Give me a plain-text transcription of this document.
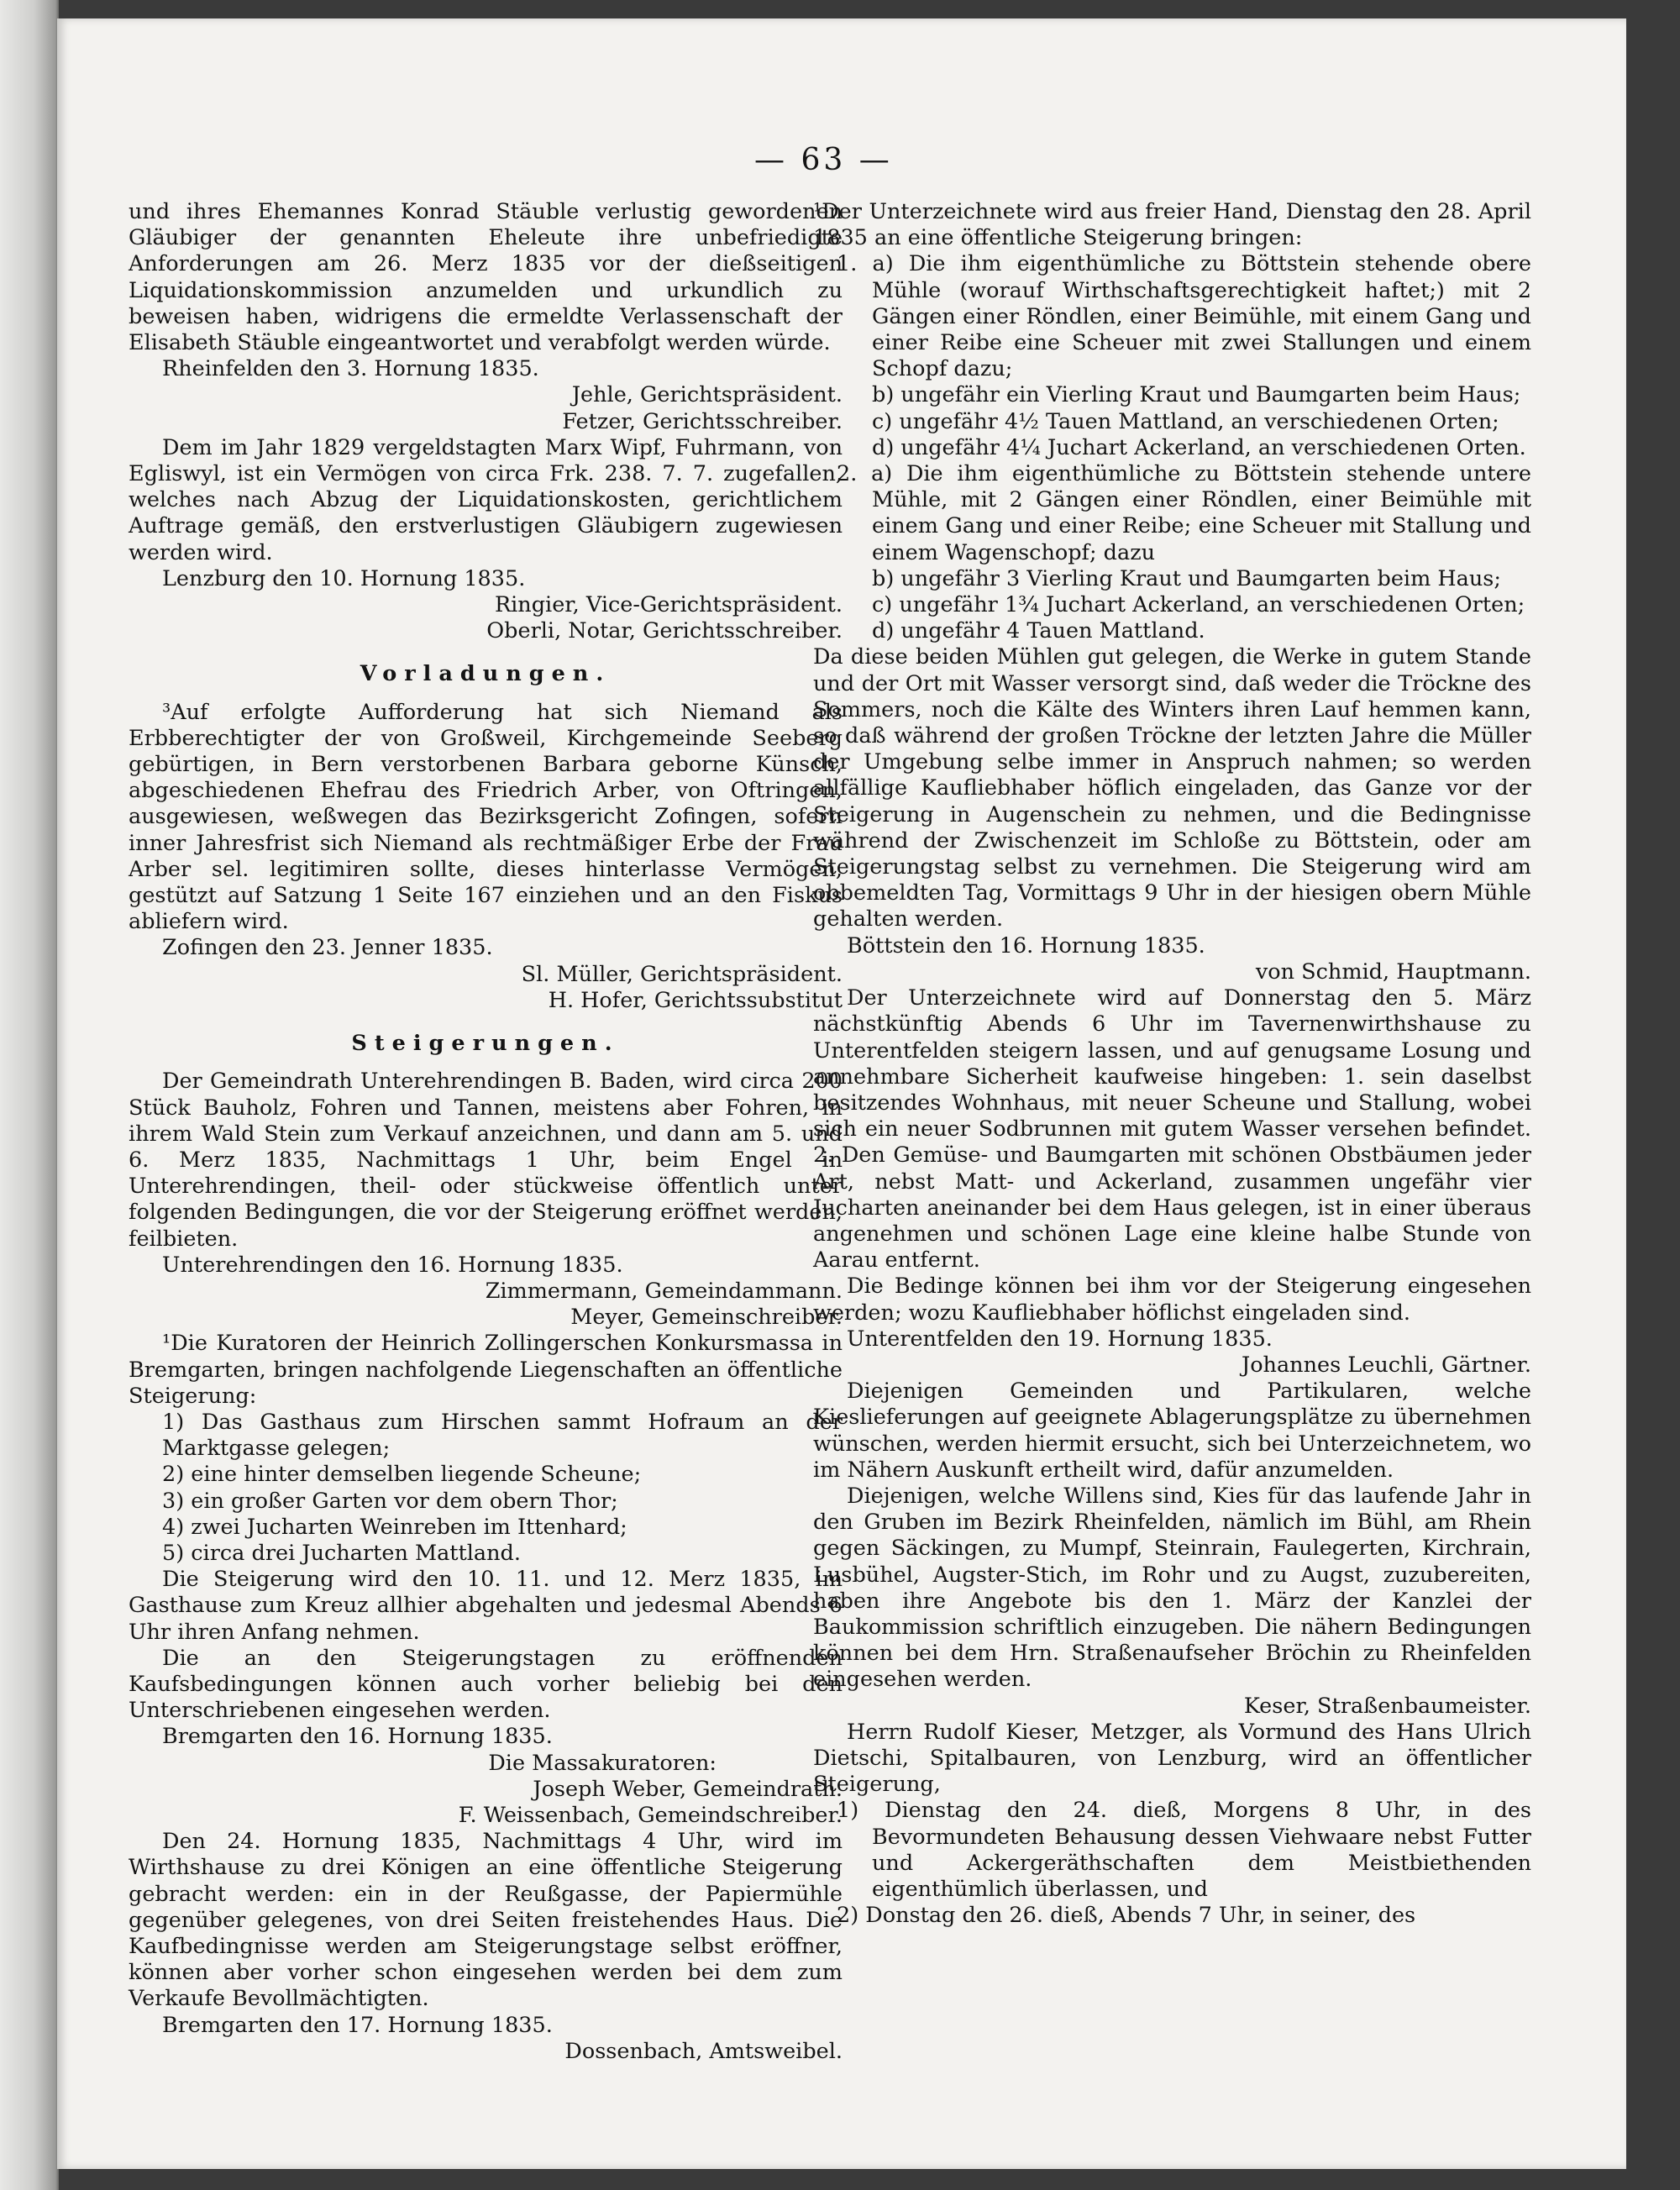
— 63 —

und ihres Ehemannes Konrad Stäuble verlustig gewordenen Gläubiger der genannten Eheleute ihre unbefriedigte Anforderungen am 26. Merz 1835 vor der dießseitigen Liquidationskommission anzumelden und urkundlich zu beweisen haben, widrigens die ermeldte Verlassenschaft der Elisabeth Stäuble eingeantwortet und verabfolgt werden würde.

Rheinfelden den 3. Hornung 1835.

Jehle, Gerichtspräsident.

Fetzer, Gerichtsschreiber.

Dem im Jahr 1829 vergeldstagten Marx Wipf, Fuhrmann, von Egliswyl, ist ein Vermögen von circa Frk. 238. 7. 7. zugefallen, welches nach Abzug der Liquidationskosten, gerichtlichem Auftrage gemäß, den erstverlustigen Gläubigern zugewiesen werden wird.

Lenzburg den 10. Hornung 1835.

Ringier, Vice-Gerichtspräsident.

Oberli, Notar, Gerichtsschreiber.

Vorladungen.

³Auf erfolgte Aufforderung hat sich Niemand als Erbberechtigter der von Großweil, Kirchgemeinde Seeberg gebürtigen, in Bern verstorbenen Barbara geborne Künsch, abgeschiedenen Ehefrau des Friedrich Arber, von Oftringen, ausgewiesen, weßwegen das Bezirksgericht Zofingen, sofern inner Jahresfrist sich Niemand als rechtmäßiger Erbe der Frau Arber sel. legitimiren sollte, dieses hinterlasse Vermögen, gestützt auf Satzung 1 Seite 167 einziehen und an den Fiskus abliefern wird.

Zofingen den 23. Jenner 1835.

Sl. Müller, Gerichtspräsident.

H. Hofer, Gerichtssubstitut

Steigerungen.

Der Gemeindrath Unterehrendingen B. Baden, wird circa 200 Stück Bauholz, Fohren und Tannen, meistens aber Fohren, in ihrem Wald Stein zum Verkauf anzeichnen, und dann am 5. und 6. Merz 1835, Nachmittags 1 Uhr, beim Engel in Unterehrendingen, theil- oder stückweise öffentlich unter folgenden Bedingungen, die vor der Steigerung eröffnet werden, feilbieten.

Unterehrendingen den 16. Hornung 1835.

Zimmermann, Gemeindammann.

Meyer, Gemeinschreiber.

¹Die Kuratoren der Heinrich Zollingerschen Konkursmassa in Bremgarten, bringen nachfolgende Liegenschaften an öffentliche Steigerung:

1) Das Gasthaus zum Hirschen sammt Hofraum an der Marktgasse gelegen;

2) eine hinter demselben liegende Scheune;

3) ein großer Garten vor dem obern Thor;

4) zwei Jucharten Weinreben im Ittenhard;

5) circa drei Jucharten Mattland.

Die Steigerung wird den 10. 11. und 12. Merz 1835, im Gasthause zum Kreuz allhier abgehalten und jedesmal Abends 6 Uhr ihren Anfang nehmen.

Die an den Steigerungstagen zu eröffnenden Kaufsbedingungen können auch vorher beliebig bei den Unterschriebenen eingesehen werden.

Bremgarten den 16. Hornung 1835.

Die Massakuratoren:

Joseph Weber, Gemeindrath.

F. Weissenbach, Gemeindschreiber.

Den 24. Hornung 1835, Nachmittags 4 Uhr, wird im Wirthshause zu drei Königen an eine öffentliche Steigerung gebracht werden: ein in der Reußgasse, der Papiermühle gegenüber gelegenes, von drei Seiten freistehendes Haus. Die Kaufbedingnisse werden am Steigerungstage selbst eröffner, können aber vorher schon eingesehen werden bei dem zum Verkaufe Bevollmächtigten.

Bremgarten den 17. Hornung 1835.

Dossenbach, Amtsweibel.

¹Der Unterzeichnete wird aus freier Hand, Dienstag den 28. April 1835 an eine öffentliche Steigerung bringen:

1. a) Die ihm eigenthümliche zu Böttstein stehende obere Mühle (worauf Wirthschaftsgerechtigkeit haftet;) mit 2 Gängen einer Röndlen, einer Beimühle, mit einem Gang und einer Reibe eine Scheuer mit zwei Stallungen und einem Schopf dazu;

b) ungefähr ein Vierling Kraut und Baumgarten beim Haus;

c) ungefähr 4½ Tauen Mattland, an verschiedenen Orten;

d) ungefähr 4¼ Juchart Ackerland, an verschiedenen Orten.

2. a) Die ihm eigenthümliche zu Böttstein stehende untere Mühle, mit 2 Gängen einer Röndlen, einer Beimühle mit einem Gang und einer Reibe; eine Scheuer mit Stallung und einem Wagenschopf; dazu

b) ungefähr 3 Vierling Kraut und Baumgarten beim Haus;

c) ungefähr 1¾ Juchart Ackerland, an verschiedenen Orten;

d) ungefähr 4 Tauen Mattland.

Da diese beiden Mühlen gut gelegen, die Werke in gutem Stande und der Ort mit Wasser versorgt sind, daß weder die Tröckne des Sommers, noch die Kälte des Winters ihren Lauf hemmen kann, so daß während der großen Tröckne der letzten Jahre die Müller der Umgebung selbe immer in Anspruch nahmen; so werden allfällige Kaufliebhaber höflich eingeladen, das Ganze vor der Steigerung in Augenschein zu nehmen, und die Bedingnisse während der Zwischenzeit im Schloße zu Böttstein, oder am Steigerungstag selbst zu vernehmen. Die Steigerung wird am obbemeldten Tag, Vormittags 9 Uhr in der hiesigen obern Mühle gehalten werden.

Böttstein den 16. Hornung 1835.

von Schmid, Hauptmann.

Der Unterzeichnete wird auf Donnerstag den 5. März nächstkünftig Abends 6 Uhr im Tavernenwirthshause zu Unterentfelden steigern lassen, und auf genugsame Losung und annehmbare Sicherheit kaufweise hingeben: 1. sein daselbst besitzendes Wohnhaus, mit neuer Scheune und Stallung, wobei sich ein neuer Sodbrunnen mit gutem Wasser versehen befindet. 2. Den Gemüse- und Baumgarten mit schönen Obstbäumen jeder Art, nebst Matt- und Ackerland, zusammen ungefähr vier Jucharten aneinander bei dem Haus gelegen, ist in einer überaus angenehmen und schönen Lage eine kleine halbe Stunde von Aarau entfernt.

Die Bedinge können bei ihm vor der Steigerung eingesehen werden; wozu Kaufliebhaber höflichst eingeladen sind.

Unterentfelden den 19. Hornung 1835.

Johannes Leuchli, Gärtner.

Diejenigen Gemeinden und Partikularen, welche Kieslieferungen auf geeignete Ablagerungsplätze zu übernehmen wünschen, werden hiermit ersucht, sich bei Unterzeichnetem, wo im Nähern Auskunft ertheilt wird, dafür anzumelden.

Diejenigen, welche Willens sind, Kies für das laufende Jahr in den Gruben im Bezirk Rheinfelden, nämlich im Bühl, am Rhein gegen Säckingen, zu Mumpf, Steinrain, Faulegerten, Kirchrain, Lusbühel, Augster-Stich, im Rohr und zu Augst, zuzubereiten, haben ihre Angebote bis den 1. März der Kanzlei der Baukommission schriftlich einzugeben. Die nähern Bedingungen können bei dem Hrn. Straßenaufseher Bröchin zu Rheinfelden eingesehen werden.

Keser, Straßenbaumeister.

Herrn Rudolf Kieser, Metzger, als Vormund des Hans Ulrich Dietschi, Spitalbauren, von Lenzburg, wird an öffentlicher Steigerung,

1) Dienstag den 24. dieß, Morgens 8 Uhr, in des Bevormundeten Behausung dessen Viehwaare nebst Futter und Ackergeräthschaften dem Meistbiethenden eigenthümlich überlassen, und

2) Donstag den 26. dieß, Abends 7 Uhr, in seiner, des
